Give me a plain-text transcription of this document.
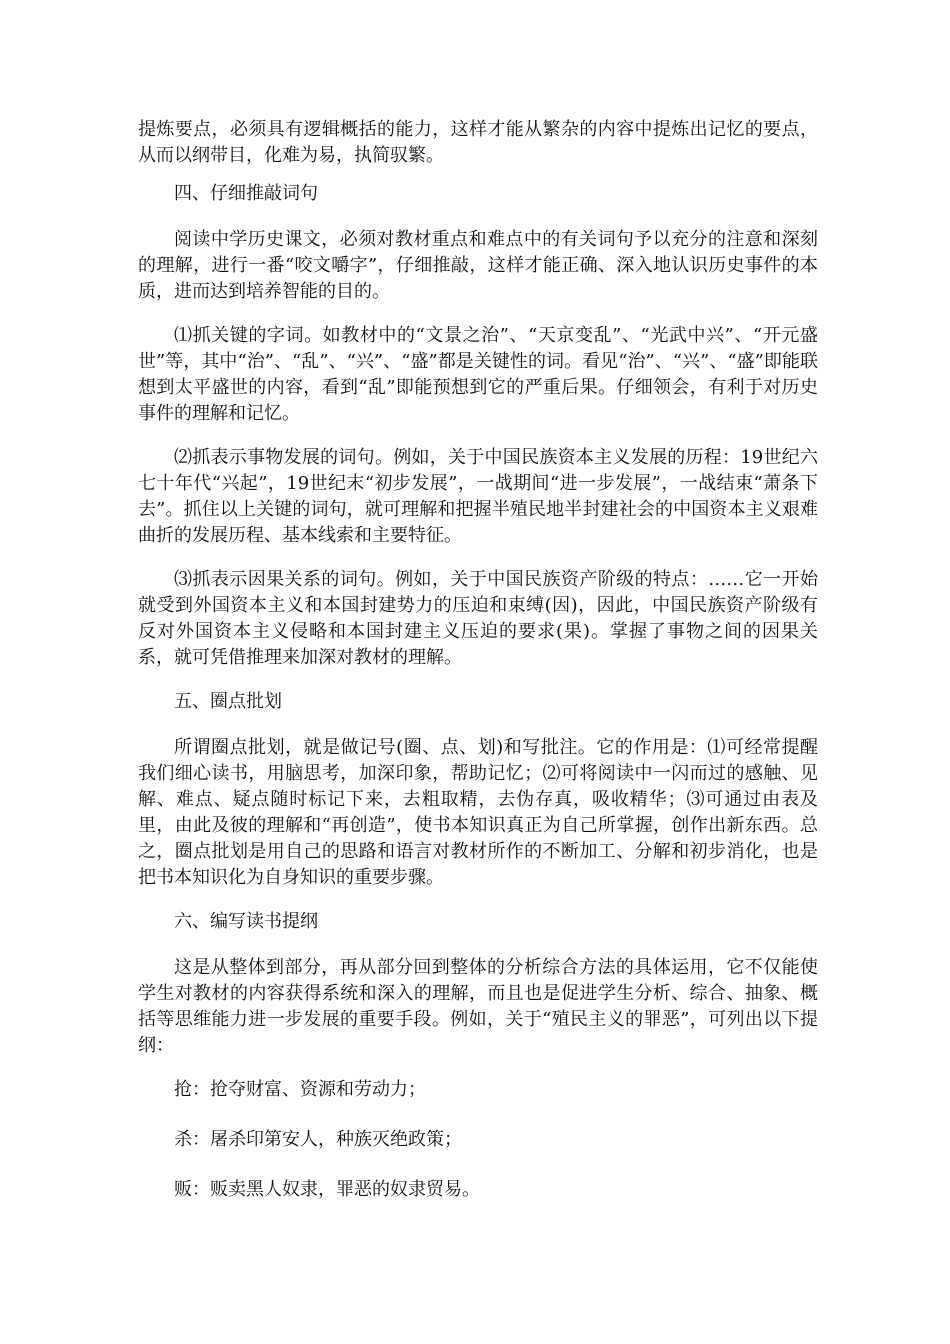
提炼要点，必须具有逻辑概括的能力，这样才能从繁杂的内容中提炼出记忆的要点，从而以纲带目，化难为易，执简驭繁。

四、仔细推敲词句

阅读中学历史课文，必须对教材重点和难点中的有关词句予以充分的注意和深刻的理解，进行一番“咬文嚼字”，仔细推敲，这样才能正确、深入地认识历史事件的本质，进而达到培养智能的目的。

⑴抓关键的字词。如教材中的“文景之治”、“天京变乱”、“光武中兴”、“开元盛世”等，其中“治”、“乱”、“兴”、“盛”都是关键性的词。看见“治”、“兴”、“盛”即能联想到太平盛世的内容，看到“乱”即能预想到它的严重后果。仔细领会，有利于对历史事件的理解和记忆。

⑵抓表示事物发展的词句。例如，关于中国民族资本主义发展的历程：19世纪六七十年代“兴起”，19世纪末“初步发展”，一战期间“进一步发展”，一战结束“萧条下去”。抓住以上关键的词句，就可理解和把握半殖民地半封建社会的中国资本主义艰难曲折的发展历程、基本线索和主要特征。

⑶抓表示因果关系的词句。例如，关于中国民族资产阶级的特点：……它一开始就受到外国资本主义和本国封建势力的压迫和束缚(因)，因此，中国民族资产阶级有反对外国资本主义侵略和本国封建主义压迫的要求(果)。掌握了事物之间的因果关系，就可凭借推理来加深对教材的理解。

五、圈点批划

所谓圈点批划，就是做记号(圈、点、划)和写批注。它的作用是：⑴可经常提醒我们细心读书，用脑思考，加深印象，帮助记忆；⑵可将阅读中一闪而过的感触、见解、难点、疑点随时标记下来，去粗取精，去伪存真，吸收精华；⑶可通过由表及里，由此及彼的理解和“再创造”，使书本知识真正为自己所掌握，创作出新东西。总之，圈点批划是用自己的思路和语言对教材所作的不断加工、分解和初步消化，也是把书本知识化为自身知识的重要步骤。

六、编写读书提纲

这是从整体到部分，再从部分回到整体的分析综合方法的具体运用，它不仅能使学生对教材的内容获得系统和深入的理解，而且也是促进学生分析、综合、抽象、概括等思维能力进一步发展的重要手段。例如，关于“殖民主义的罪恶”，可列出以下提纲：

抢：抢夺财富、资源和劳动力；

杀：屠杀印第安人，种族灭绝政策；

贩：贩卖黑人奴隶，罪恶的奴隶贸易。
